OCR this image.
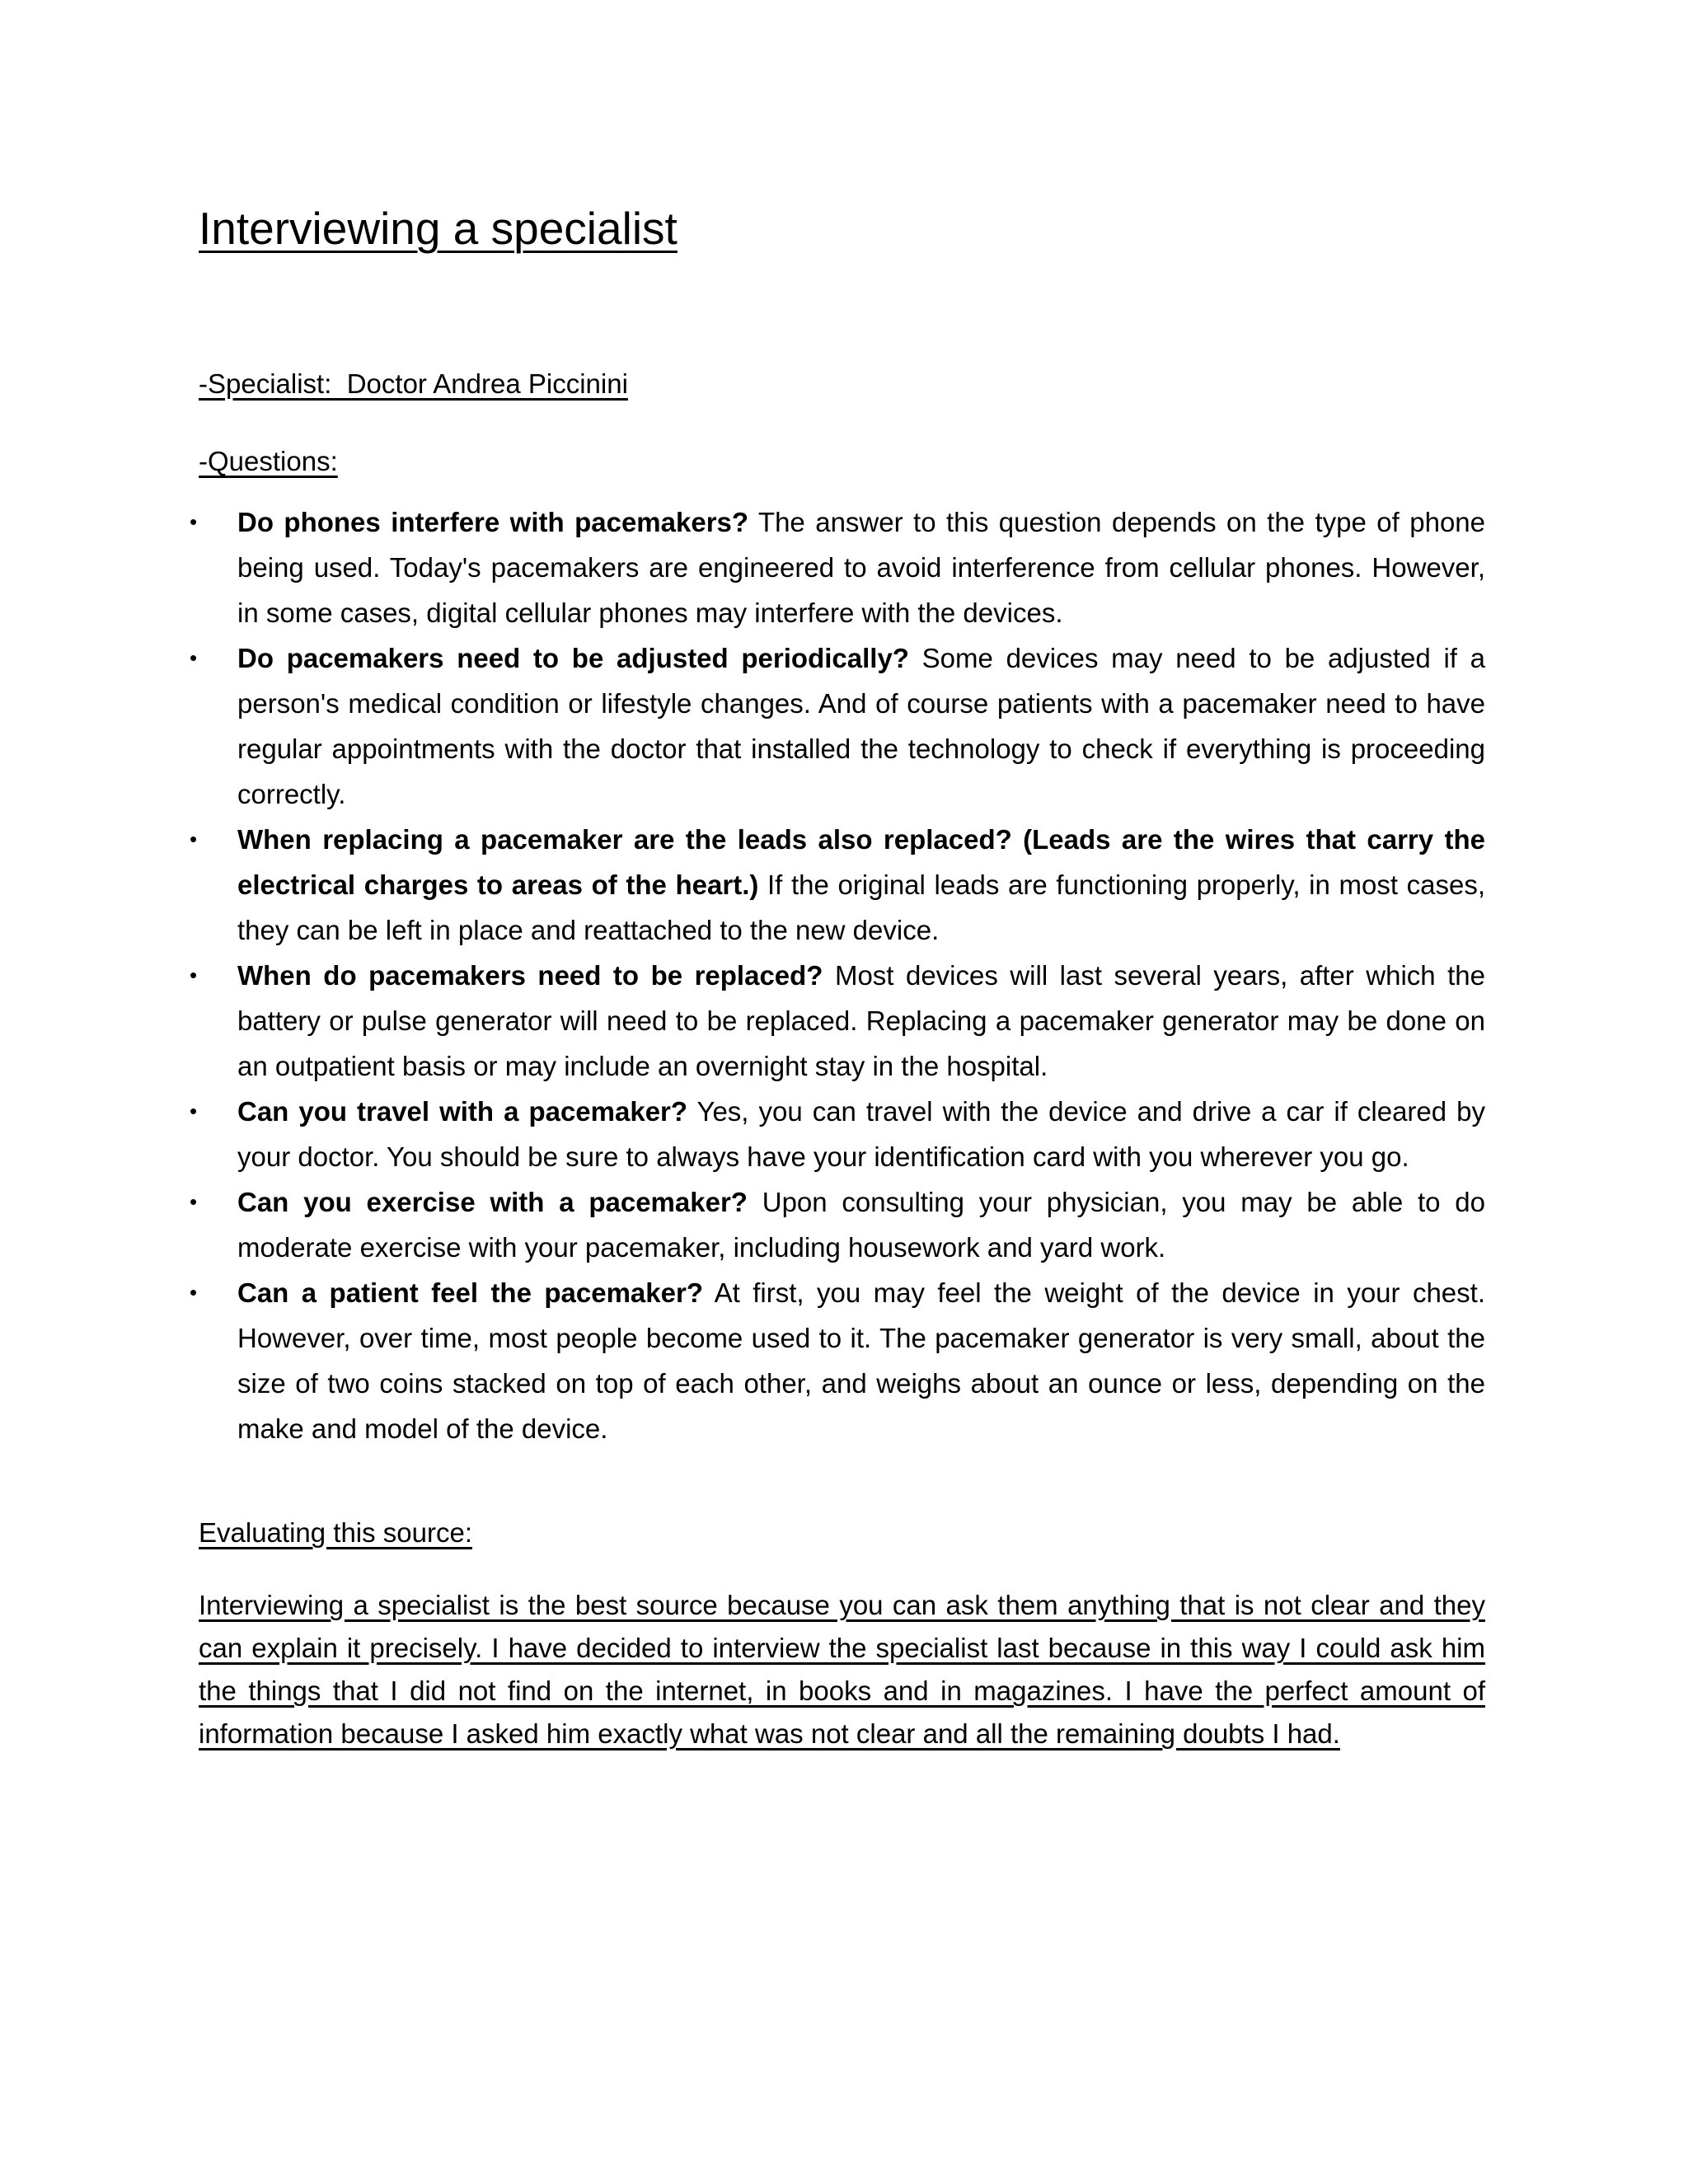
Interviewing a specialist

-Specialist:  Doctor Andrea Piccinini

-Questions:

• Do phones interfere with pacemakers? The answer to this question depends on the type of phone being used. Today's pacemakers are engineered to avoid interference from cellular phones. However, in some cases, digital cellular phones may interfere with the devices.
• Do pacemakers need to be adjusted periodically? Some devices may need to be adjusted if a person's medical condition or lifestyle changes. And of course patients with a pacemaker need to have regular appointments with the doctor that installed the technology to check if everything is proceeding correctly.
• When replacing a pacemaker are the leads also replaced? (Leads are the wires that carry the electrical charges to areas of the heart.) If the original leads are functioning properly, in most cases, they can be left in place and reattached to the new device.
• When do pacemakers need to be replaced? Most devices will last several years, after which the battery or pulse generator will need to be replaced. Replacing a pacemaker generator may be done on an outpatient basis or may include an overnight stay in the hospital.
• Can you travel with a pacemaker? Yes, you can travel with the device and drive a car if cleared by your doctor. You should be sure to always have your identification card with you wherever you go.
• Can you exercise with a pacemaker? Upon consulting your physician, you may be able to do moderate exercise with your pacemaker, including housework and yard work.
• Can a patient feel the pacemaker? At first, you may feel the weight of the device in your chest. However, over time, most people become used to it. The pacemaker generator is very small, about the size of two coins stacked on top of each other, and weighs about an ounce or less, depending on the make and model of the device.

Evaluating this source:

Interviewing a specialist is the best source because you can ask them anything that is not clear and they can explain it precisely. I have decided to interview the specialist last because in this way I could ask him the things that I did not find on the internet, in books and in magazines. I have the perfect amount of information because I asked him exactly what was not clear and all the remaining doubts I had.
